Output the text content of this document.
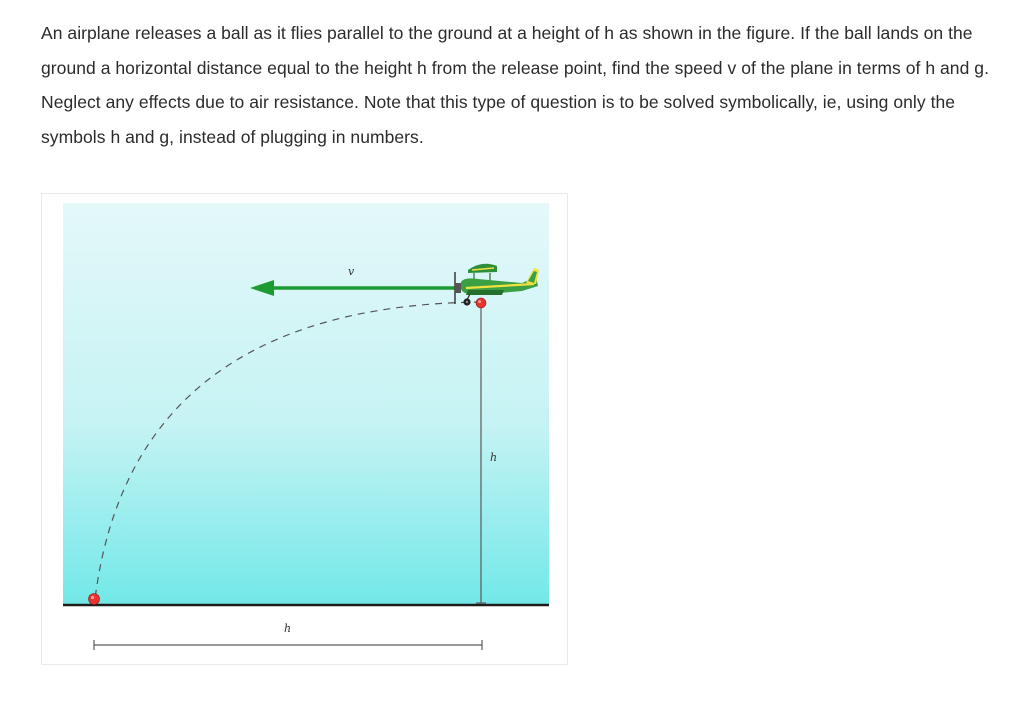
An airplane releases a ball as it flies parallel to the ground at a height of h as shown in the figure. If the ball lands on the ground a horizontal distance equal to the height h from the release point, find the speed v of the plane in terms of h and g. Neglect any effects due to air resistance. Note that this type of question is to be solved symbolically, ie, using only the symbols h and g, instead of plugging in numbers.

h
h
v
